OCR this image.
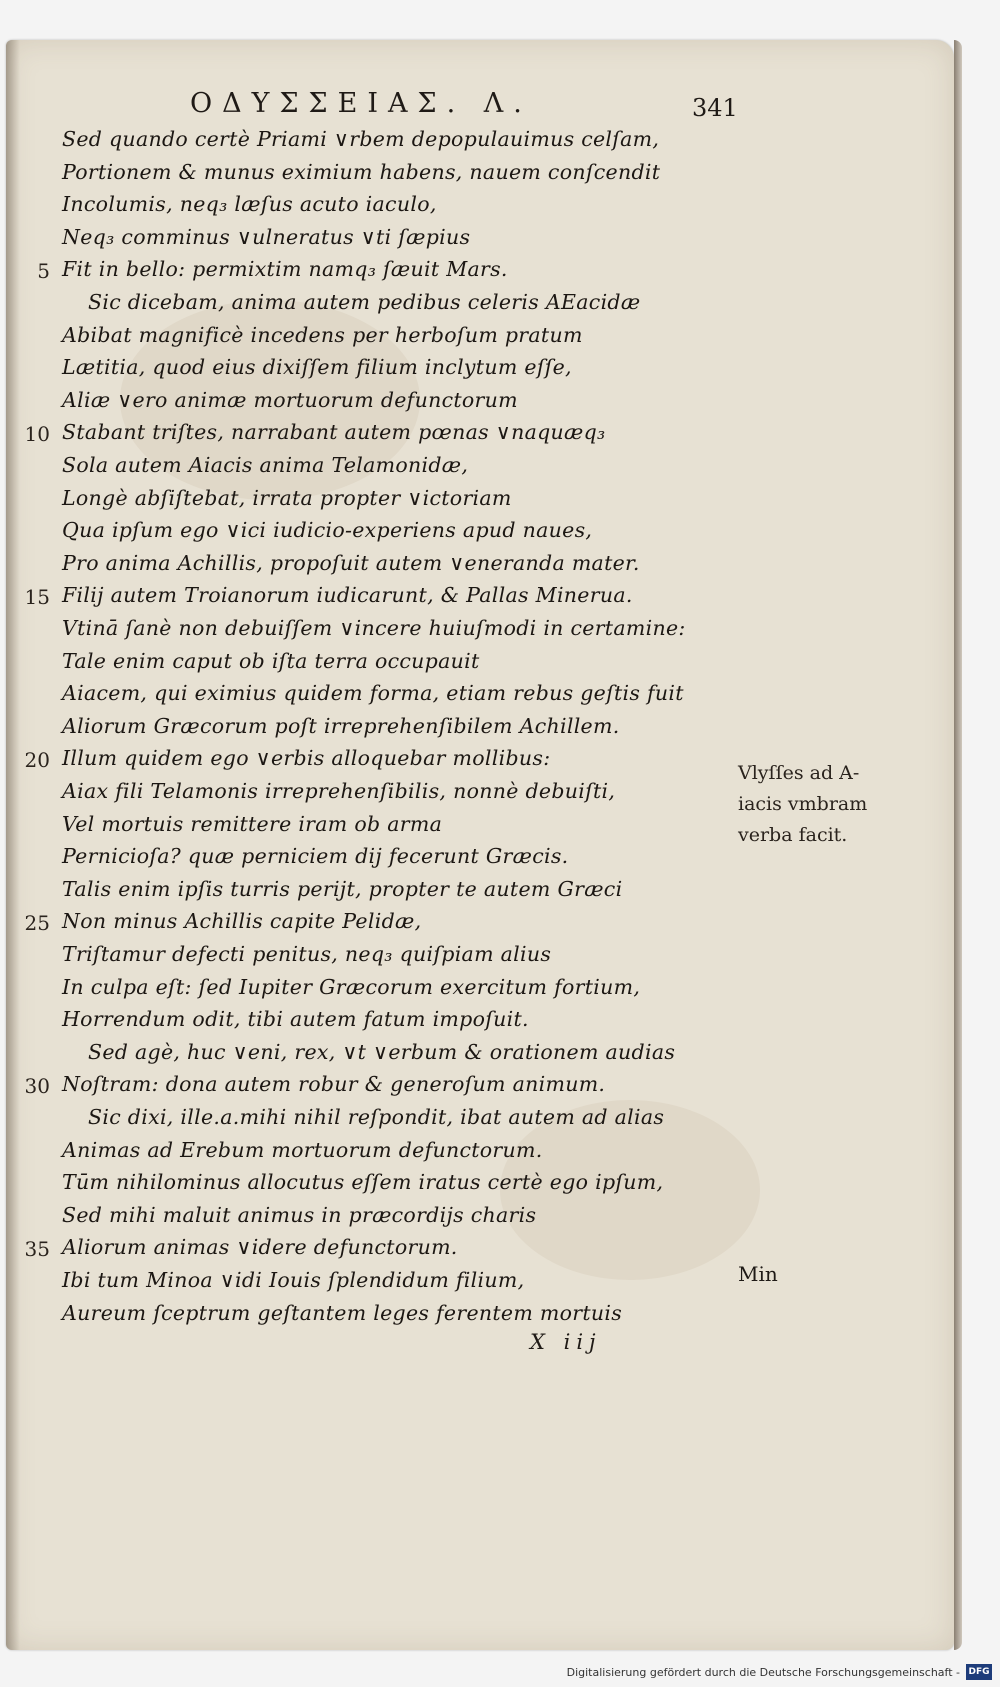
ΟΔΥΣΣΕΙΑΣ. Λ.	341
Sed quando certè Priami ∨rbem depopulauimus celſam,
Portionem & munus eximium habens, nauem conſcendit
Incolumis, neq₃ læſus acuto iaculo,
Neq₃ comminus ∨ulneratus ∨ti ſæpius
5 Fit in bello: permixtim namq₃ ſæuit Mars.
Sic dicebam, anima autem pedibus celeris AEacidæ
Abibat magnificè incedens per herboſum pratum
Lætitia, quod eius dixiſſem filium inclytum eſſe,
Aliæ ∨ero animæ mortuorum defunctorum
10 Stabant triſtes, narrabant autem pœnas ∨naquæq₃
Sola autem Aiacis anima Telamonidæ,
Longè abſiſtebat, irrata propter ∨ictoriam
Qua ipſum ego ∨ici iudicio-experiens apud naues,
Pro anima Achillis, propoſuit autem ∨eneranda mater.
15 Filij autem Troianorum iudicarunt, & Pallas Minerua.
Vtinā ſanè non debuiſſem ∨incere huiuſmodi in certamine:
Tale enim caput ob iſta terra occupauit
Aiacem, qui eximius quidem forma, etiam rebus geſtis fuit
Aliorum Græcorum poſt irreprehenſibilem Achillem.
20 Illum quidem ego ∨erbis alloquebar mollibus:
Aiax fili Telamonis irreprehenſibilis, nonnè debuiſti,
Vel mortuis remittere iram ob arma
Pernicioſa? quæ perniciem dij fecerunt Græcis.
Talis enim ipſis turris perijt, propter te autem Græci
25 Non minus Achillis capite Pelidæ,
Triſtamur defecti penitus, neq₃ quiſpiam alius
In culpa eſt: ſed Iupiter Græcorum exercitum fortium,
Horrendum odit, tibi autem fatum impoſuit.
Sed agè, huc ∨eni, rex, ∨t ∨erbum & orationem audias
30 Noſtram: dona autem robur & generoſum animum.
Sic dixi, ille.a.mihi nihil reſpondit, ibat autem ad alias
Animas ad Erebum mortuorum defunctorum.
Tūm nihilominus allocutus eſſem iratus certè ego ipſum,
Sed mihi maluit animus in præcordijs charis
35 Aliorum animas ∨idere defunctorum.
Ibi tum Minoa ∨idi Iouis ſplendidum filium,
Aureum ſceptrum geſtantem leges ferentem mortuis
Vlyſſes ad A-
iacis vmbram
verba facit.
Min
X iij
Digitalisierung gefördert durch die Deutsche Forschungsgemeinschaft - DFG
